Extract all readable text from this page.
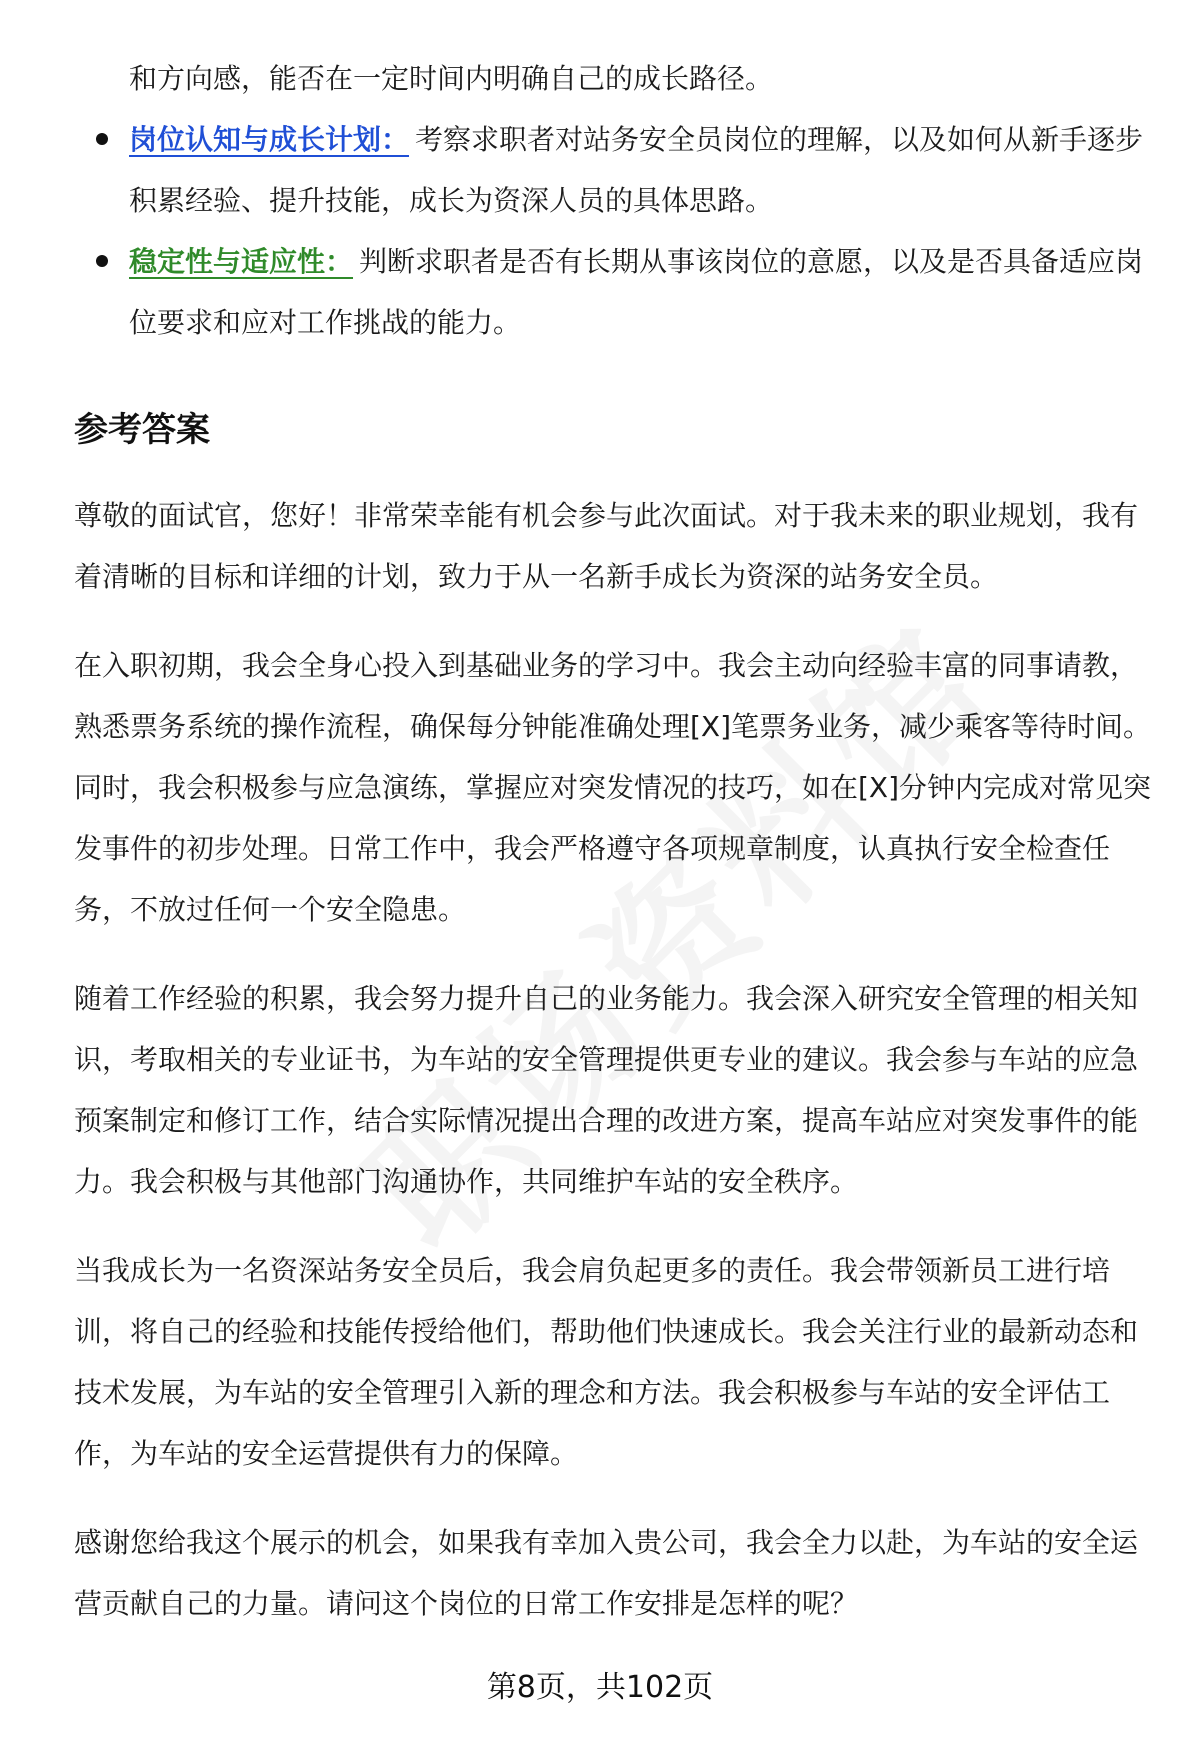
和方向感，能否在一定时间内明确自己的成长路径。

岗位认知与成长计划： 考察求职者对站务安全员岗位的理解，以及如何从新手逐步积累经验、提升技能，成长为资深人员的具体思路。
稳定性与适应性： 判断求职者是否有长期从事该岗位的意愿，以及是否具备适应岗位要求和应对工作挑战的能力。
参考答案

尊敬的面试官，您好！非常荣幸能有机会参与此次面试。对于我未来的职业规划，我有着清晰的目标和详细的计划，致力于从一名新手成长为资深的站务安全员。

在入职初期，我会全身心投入到基础业务的学习中。我会主动向经验丰富的同事请教，熟悉票务系统的操作流程，确保每分钟能准确处理[X]笔票务业务，减少乘客等待时间。同时，我会积极参与应急演练，掌握应对突发情况的技巧，如在[X]分钟内完成对常见突发事件的初步处理。日常工作中，我会严格遵守各项规章制度，认真执行安全检查任务，不放过任何一个安全隐患。

随着工作经验的积累，我会努力提升自己的业务能力。我会深入研究安全管理的相关知识，考取相关的专业证书，为车站的安全管理提供更专业的建议。我会参与车站的应急预案制定和修订工作，结合实际情况提出合理的改进方案，提高车站应对突发事件的能力。我会积极与其他部门沟通协作，共同维护车站的安全秩序。

当我成长为一名资深站务安全员后，我会肩负起更多的责任。我会带领新员工进行培训，将自己的经验和技能传授给他们，帮助他们快速成长。我会关注行业的最新动态和技术发展，为车站的安全管理引入新的理念和方法。我会积极参与车站的安全评估工作，为车站的安全运营提供有力的保障。

感谢您给我这个展示的机会，如果我有幸加入贵公司，我会全力以赴，为车站的安全运营贡献自己的力量。请问这个岗位的日常工作安排是怎样的呢？

第8页，共102页
